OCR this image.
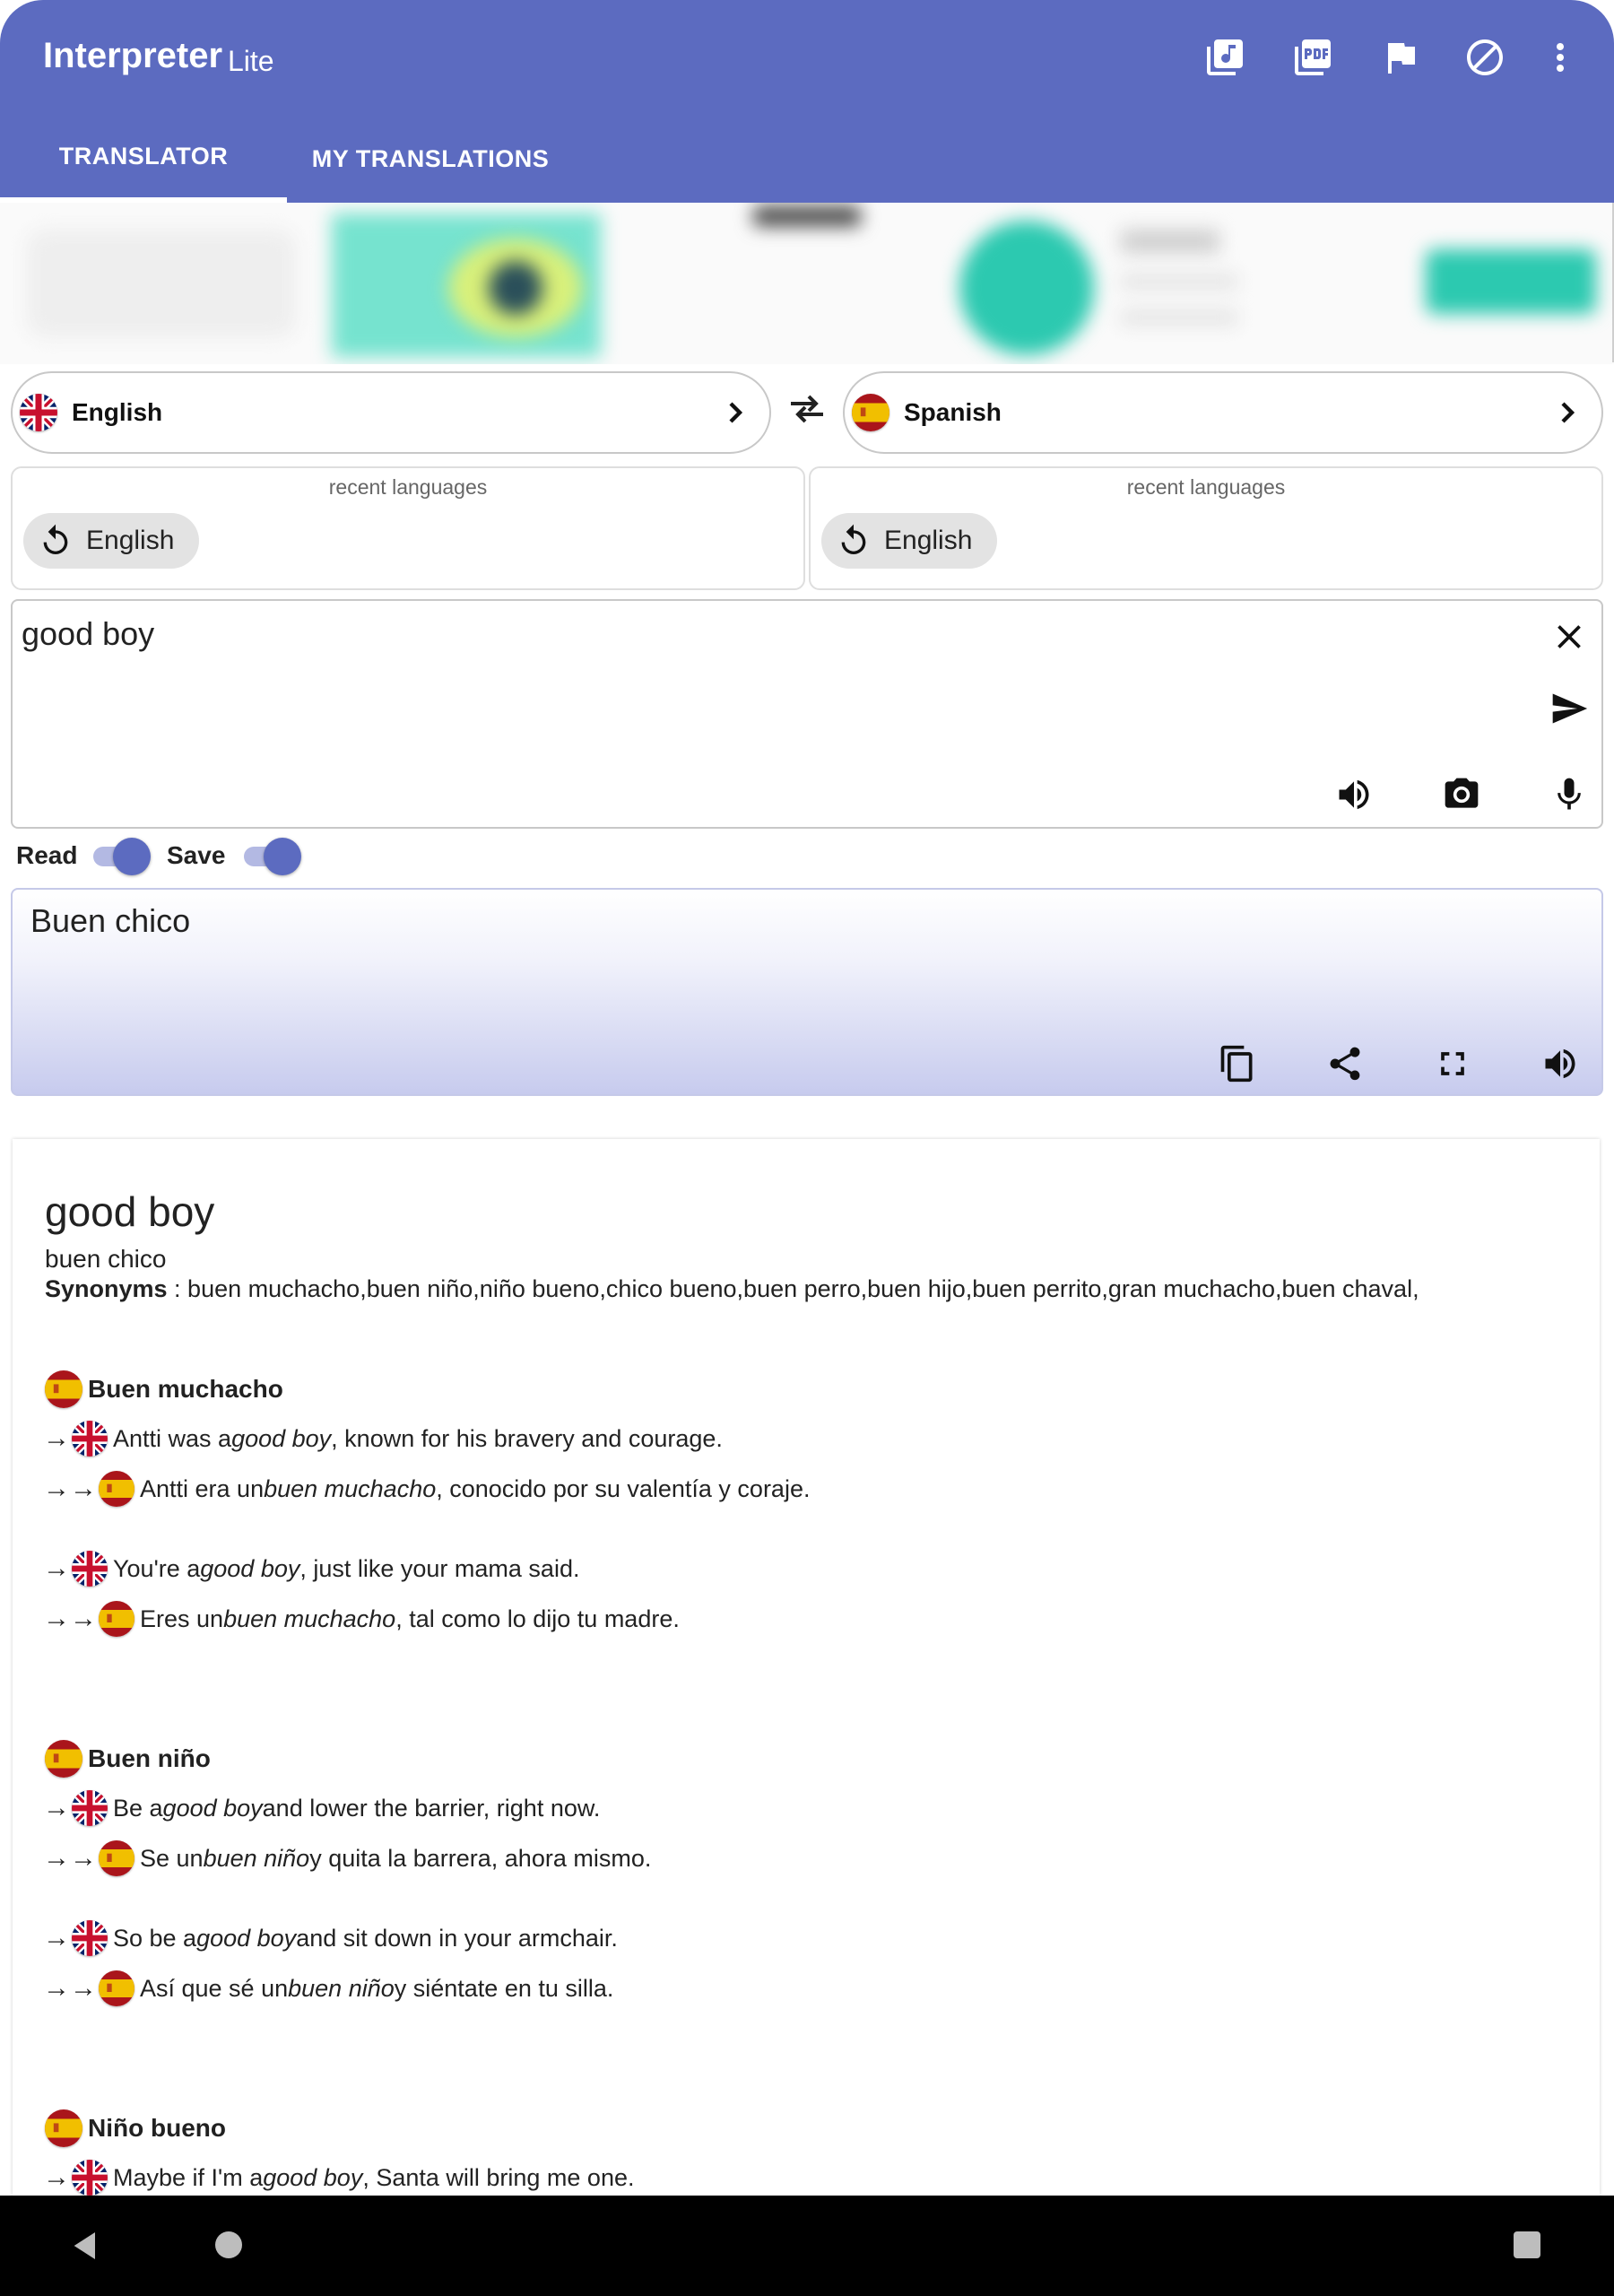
Interpreter Lite
TRANSLATOR	MY TRANSLATIONS
English	Spanish
recent languages
English
recent languages
English
good boy
Read	Save
Buen chico
good boy
buen chico
Synonyms : buen muchacho,buen niño,niño bueno,chico bueno,buen perro,buen hijo,buen perrito,gran muchacho,buen chaval,
Buen muchacho
→ Antti was a good boy , known for his bravery and courage.
→→ Antti era un buen muchacho , conocido por su valentía y coraje.
→ You're a good boy , just like your mama said.
→→ Eres un buen muchacho , tal como lo dijo tu madre.
Buen niño
→ Be a good boy and lower the barrier, right now.
→→ Se un buen niño y quita la barrera, ahora mismo.
→ So be a good boy and sit down in your armchair.
→→ Así que sé un buen niño y siéntate en tu silla.
Niño bueno
→ Maybe if I'm a good boy , Santa will bring me one.
